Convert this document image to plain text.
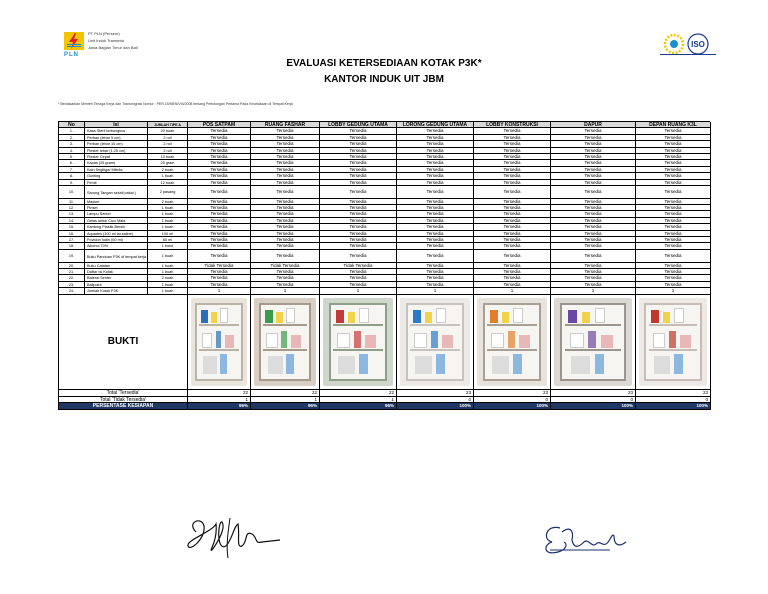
PLN
PT PLN (Persero)
Unit Induk Transmisi
Jawa Bagian Timur dan Bali	ISO
EVALUASI KETERSEDIAAN KOTAK P3K*
KANTOR INDUK UIT JBM
* Berdasarkan Menteri Tenaga Kerja dan Transmigrasi Nomor : PER.15/MEN/VIII/2008 tentang Pertolongan Pertama Pada Kecelakaan di Tempat Kerja
No	Isi	JUMLAH TIPE A	POS SATPAM	RUANG FASHAR	LOBBY GEDUNG UTAMA	LORONG GEDUNG UTAMA	LOBBY KONSTRUKSI	DAPUR	DEPAN RUANG K3L
1.	Kasa Steril terbungkus	20 buah	Tersedia	Tersedia	Tersedia	Tersedia	Tersedia	Tersedia	Tersedia
2.	Perban (lebar 5 cm)	2 roll	Tersedia	Tersedia	Tersedia	Tersedia	Tersedia	Tersedia	Tersedia
3.	Perban (lebar 10 cm)	2 roll	Tersedia	Tersedia	Tersedia	Tersedia	Tersedia	Tersedia	Tersedia
4.	Plester lebar (1,25 cm)	2 roll	Tersedia	Tersedia	Tersedia	Tersedia	Tersedia	Tersedia	Tersedia
5.	Plester Cepat	10 buah	Tersedia	Tersedia	Tersedia	Tersedia	Tersedia	Tersedia	Tersedia
6.	Kapas (25 gram)	25 gram	Tersedia	Tersedia	Tersedia	Tersedia	Tersedia	Tersedia	Tersedia
7.	Kain Segitiga/ Mitella	2 buah	Tersedia	Tersedia	Tersedia	Tersedia	Tersedia	Tersedia	Tersedia
8.	Gunting	1 buah	Tersedia	Tersedia	Tersedia	Tersedia	Tersedia	Tersedia	Tersedia
9.	Peniti	12 buah	Tersedia	Tersedia	Tersedia	Tersedia	Tersedia	Tersedia	Tersedia
10.	Sarung Tangan sekali pakai (	2 pasang	Tersedia	Tersedia	Tersedia	Tersedia	Tersedia	Tersedia	Tersedia
11.	Masker	2 buah	Tersedia	Tersedia	Tersedia	Tersedia	Tersedia	Tersedia	Tersedia
12.	Pinset	1 buah	Tersedia	Tersedia	Tersedia	Tersedia	Tersedia	Tersedia	Tersedia
13.	Lampu Senter	1 buah	Tersedia	Tersedia	Tersedia	Tersedia	Tersedia	Tersedia	Tersedia
14.	Gelas untuk Cuci Mata	1 buah	Tersedia	Tersedia	Tersedia	Tersedia	Tersedia	Tersedia	Tersedia
15.	Kantong Plastik Bersih	1 buah	Tersedia	Tersedia	Tersedia	Tersedia	Tersedia	Tersedia	Tersedia
16.	Aquades (100 ml lar.saline)	100 ml	Tersedia	Tersedia	Tersedia	Tersedia	Tersedia	Tersedia	Tersedia
17.	Povidon Iodin (60 ml)	60 ml	Tersedia	Tersedia	Tersedia	Tersedia	Tersedia	Tersedia	Tersedia
18.	Alkohol 70%	1 botol	Tersedia	Tersedia	Tersedia	Tersedia	Tersedia	Tersedia	Tersedia
19.	Buku Panduan P3K di tempat kerja	1 buah	Tersedia	Tersedia	Tersedia	Tersedia	Tersedia	Tersedia	Tersedia
20.	Buku Catatan	1 buah	Tidak Tersedia	Tidak Tersedia	Tidak Tersedia	Tersedia	Tersedia	Tersedia	Tersedia
21.	Daftar Isi Kotak	1 buah	Tersedia	Tersedia	Tersedia	Tersedia	Tersedia	Tersedia	Tersedia
22.	Baterai Senter	2 buah	Tersedia	Tersedia	Tersedia	Tersedia	Tersedia	Tersedia	Tersedia
23.	Ballpoint	1 buah	Tersedia	Tersedia	Tersedia	Tersedia	Tersedia	Tersedia	Tersedia
24.	Jumlah Kotak P3K	1 buah	1	1	1	1	1	1	1
BUKTI
Total 'Tersedia'	22	22	22	23	23	23	23
Total 'Tidak Tersedia'	1	1	1	0	0	0	0
PERSENTASE KESIAPAN	96%	96%	96%	100%	100%	100%	100%
